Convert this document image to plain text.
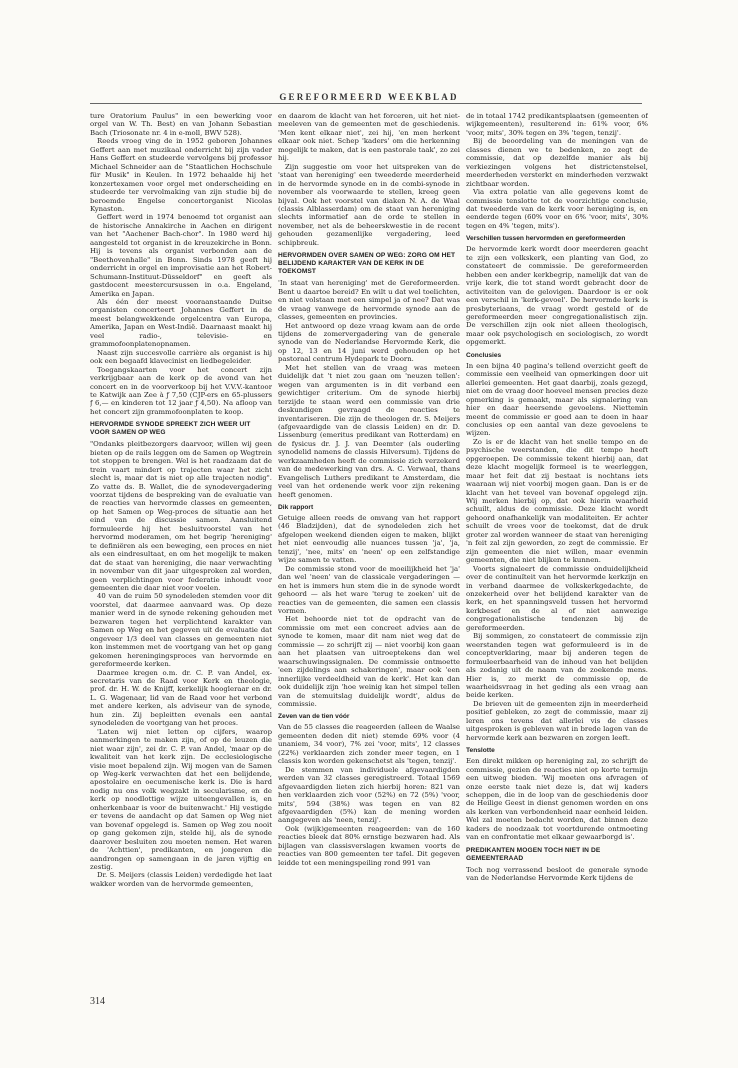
GEREFORMEERD WEEKBLAD

ture Oratorium Paulus" in een bewerking voor orgel van W. Th. Best) en van Johann Sebastian Bach (Triosonate nr. 4 in e-moll, BWV 528).

Reeds vroeg ving de in 1952 geboren Johannes Geffert aan met muzikaal onderricht bij zijn vader Hans Geffert en studeerde vervolgens bij professor Michael Schneider aan de "Staatlichen Hochschule für Musik" in Keulen. In 1972 behaalde hij het konzertexamen voor orgel met onderscheiding en studeerde ter vervolmaking van zijn studie bij de beroemde Engelse concertorganist Nicolas Kynaston.

Geffert werd in 1974 benoemd tot organist aan de historische Annakirche in Aachen en dirigent van het "Aachener Bach-chor". In 1980 werd hij aangesteld tot organist in de kreuzekirche in Bonn. Hij is tevens als organist verbonden aan de "Beethovenhalle" in Bonn. Sinds 1978 geeft hij onderricht in orgel en improvisatie aan het Robert-Schumann-Instituut-Düsseldorf" en geeft als gastdocent meestercursussen in o.a. Engeland, Amerika en Japan.

Als één der meest vooraanstaande Duitse organisten concerteert Johannes Geffert in de meest belangwekkende orgelcentra van Europa, Amerika, Japan en West-Indië. Daarnaast maakt hij veel radio-, televisie- en grammofoonplatenopnamen.

Naast zijn succesvolle carrière als organist is hij ook een begaafd klavecinist en liedbegeleider.

Toegangskaarten voor het concert zijn verkrijgbaar aan de kerk op de avond van het concert en in de voorverkoop bij het V.V.V.-kantoor te Katwijk aan Zee à ƒ 7,50 (CJP-ers en 65-plussers ƒ 6,— en kinderen tot 12 jaar ƒ 4,50). Na afloop van het concert zijn grammofoonplaten te koop.

HERVORMDE SYNODE SPREEKT ZICH WEER UIT VOOR SAMEN OP WEG

"Ondanks pleitbezorgers daarvoor, willen wij geen bieten op de rails leggen om de Samen op Wegtrein tot stoppen te brengen. Wel is het raadzaam dat de trein vaart mindert op trajecten waar het zicht slecht is, maar dat is niet op alle trajecten nodig". Zo vatte ds. B. Wallet, die de synodevergadering voorzat tijdens de bespreking van de evaluatie van de reacties van hervormde classes en gemeenten, op het Samen op Weg-proces de situatie aan het eind van de discussie samen. Aansluitend formuleerde hij het besluitvoorstel van het hervormd moderamen, om het begrip 'hereniging' te definiëren als een beweging, een proces en niet als een eindresultaat, en om het mogelijk te maken dat de staat van hereniging, die naar verwachting in november van dit jaar uitgesproken zal worden, geen verplichtingen voor federatie inhoudt voor gemeenten die daar niet voor voelen.

40 van de ruim 50 synodeleden stemden voor dit voorstel, dat daarmee aanvaard was. Op deze manier werd in de synode rekening gehouden met bezwaren tegen het verplichtend karakter van Samen op Weg en het gegeven uit de evaluatie dat ongeveer 1/3 deel van classes en gemeenten niet kon instemmen met de voortgang van het op gang gekomen hereningingsproces van hervormde en gereformeerde kerken.

Daarmee kregen o.m. dr. C. P. van Andel, ex-secretaris van de Raad voor Kerk en theologie, prof. dr. H. W. de Knijff, kerkelijk hoogleraar en dr. L. G. Wagenaar, lid van de Raad voor het verbond met andere kerken, als adviseur van de synode, hun zin. Zij bepleitten evenals een aantal synodeleden de voortgang van het proces.

'Laten wij niet letten op cijfers, waarop aanmerkingen te maken zijn, of op de leuzen die niet waar zijn', zei dr. C. P. van Andel, 'maar op de kwaliteit van het kerk zijn. De ecclesiologische visie moet bepalend zijn. Wij mogen van de Samen op Weg-kerk verwachten dat het een belijdende, apostolaire en oecumenische kerk is. Die is hard nodig nu ons volk wegzakt in secularisme, en de kerk op noodlottige wijze uiteengevallen is, en onherkenbaar is voor de buitenwacht.' Hij vestigde er tevens de aandacht op dat Samen op Weg niet van bovenaf opgelegd is. Samen op Weg zou nooit op gang gekomen zijn, stelde hij, als de synode daarover besluiten zou moeten nemen. Het waren de 'Achttien', predikanten, en jongeren die aandrongen op samengaan in de jaren vijftig en zestig.

Dr. S. Meijers (classis Leiden) verdedigde het laat wakker worden van de hervormde gemeenten,

en daarom de klacht van het forceren, uit het niet-meeleven van de gemeenten met de geschiedenis. 'Men kent elkaar niet', zei hij, 'en men herkent elkaar ook niet. Schep 'kaders' om die herkenning mogelijk te maken, dat is een pastorale taak', zo zei hij.

Zijn suggestie om voor het uitspreken van de 'staat van hereniging' een tweederde meerderheid in de hervormde synode en in de combi-synode in november als voorwaarde te stellen, kreeg geen bijval. Ook het voorstel van diaken N. A. de Waal (classis Alblasserdam) om de staat van hereniging slechts informatief aan de orde te stellen in november, net als de beheerskwestie in de recent gehouden gezamenlijke vergadering, leed schipbreuk.

HERVORMDEN OVER SAMEN OP WEG: ZORG OM HET BELIJDEND KARAKTER VAN DE KERK IN DE TOEKOMST

'In staat van hereniging' met de Gereformeerden. Bent u daartoe bereid? En wilt u dat wel toelichten, en niet volstaan met een simpel ja of nee? Dat was de vraag vanwege de hervormde synode aan de classes, gemeenten en provincies.

Het antwoord op deze vraag kwam aan de orde tijdens de zomervergadering van de generale synode van de Nederlandse Hervormde Kerk, die op 12, 13 en 14 juni werd gehouden op het pastoraal centrum Hydepark te Doorn.

Met het stellen van de vraag was meteen duidelijk dat 't niet zou gaan om 'neuzen tellen': wegen van argumenten is in dit verband een gewichtiger criterium. Om de synode hierbij terzijde te staan werd een commissie van drie deskundigen gevraagd de reacties te inventariseren. Die zijn de theologen dr. S. Meijers (afgevaardigde van de classis Leiden) en dr. D. Lissenburg (emeritus predikant van Rotterdam) en de fysicus dr. J. J. van Deemter (als ouderling synodelid namens de classis Hilversum). Tijdens de werkzaamheden heeft de commissie zich verzekerd van de medewerking van drs. A. C. Verwaal, thans Evangelisch Luthers predikant te Amsterdam, die veel van het ordenende werk voor zijn rekening heeft genomen.

Dik rapport

Getuige alleen reeds de omvang van het rapport (46 Bladzijden), dat de synodeleden zich het afgelopen weekend dienden eigen te maken, blijkt het niet eenvoudig alle nuances tussen 'ja', 'ja, tenzij', 'nee, mits' en 'neen' op een zelfstandige wijze samen te vatten.

De commissie stond voor de moeilijkheid het 'ja' dan wel 'neen' van de classicale vergaderingen — en het is immers hun stem die in de synode wordt gehoord — als het ware 'terug te zoeken' uit de reacties van de gemeenten, die samen een classis vormen.

Het behoorde niet tot de opdracht van de commissie om met een concreet advies aan de synode te komen, maar dit nam niet weg dat de commissie — zo schrijft zij — niet voorbij kon gaan aan het plaatsen van uitroeptekens dan wel waarschuwingssignalen. De commissie ontmoette 'een zijdelings aan schakeringen', maar ook 'een innerlijke verdeeldheid van de kerk'. Het kan dan ook duidelijk zijn 'hoe weinig kan het simpel tellen van de stemuitslag duidelijk wordt', aldus de commissie.

Zeven van de tien vóór

Van de 55 classes die reageerden (alleen de Waalse gemeenten deden dit niet) stemde 69% voor (4 unaniem, 34 voor), 7% zei 'voor, mits', 12 classes (22%) verklaarden zich zonder meer tegen, en 1 classis kon worden gekenschetst als 'tegen, tenzij'.

De stemmen van individuele afgevaardigden werden van 32 classes geregistreerd. Totaal 1569 afgevaardigden lieten zich hierbij horen: 821 van hen verklaarden zich voor (52%) en 72 (5%) 'voor, mits', 594 (38%) was tegen en van 82 afgevaardigden (5%) kan de mening worden aangegeven als 'neen, tenzij'.

Ook (wijk)gemeenten reageerden: van de 160 reacties bleek dat 80% ernstige bezwaren had. Als bijlagen van classisverslagen kwamen voorts de reacties van 800 gemeenten ter tafel. Dit gegeven leidde tot een meningspeiling rond 991 van

de in totaal 1742 predikantsplaatsen (gemeenten of wijkgemeenten), resulterend in: 61% voor, 6% 'voor, mits', 30% tegen en 3% 'tegen, tenzij'.

Bij de beoordeling van de meningen van de classes dienen we te bedenken, zo zegt de commissie, dat op dezelfde manier als bij verkiezingen volgens het districtenstelsel, meerderheden versterkt en minderheden verzwakt zichtbaar worden.

Via extra polatie van alle gegevens komt de commissie tenslotte tot de voorzichtige conclusie, dat tweederde van de kerk voor hereniging is, en eenderde tegen (60% voor en 6% 'voor, mits', 30% tegen en 4% 'tegen, mits').

Verschillen tussen hervormden en gereformeerden

De hervormde kerk wordt door meerderen geacht te zijn een volkskerk, een planting van God, zo constateert de commissie. De gereformeerden hebben een ander kerkbegrip, namelijk dat van de vrije kerk, die tot stand wordt gebracht door de activiteiten van de gelovigen. Daardoor is er ook een verschil in 'kerk-gevoel'. De hervormde kerk is presbyteriaans, de vraag wordt gesteld of de gereformeerden meer congregationalistisch zijn. De verschillen zijn ook niet alleen theologisch, maar ook psychologisch en sociologisch, zo wordt opgemerkt.

Conclusies

In een bijna 40 pagina's tellend overzicht geeft de commissie een veelheid van opmerkingen door uit allerlei gemeenten. Het gaat daarbij, zoals gezegd, niet om de vraag door hoeveel mensen precies deze opmerking is gemaakt, maar als signalering van hier en daar heersende gevoelens. Niettemin meent de commissie er goed aan te doen in haar conclusies op een aantal van deze gevoelens te wijzen.

Zo is er de klacht van het snelle tempo en de psychische weerstanden, die dit tempo heeft opgeroepen. De commissie tekent hierbij aan, dat deze klacht mogelijk formeel is te weerleggen, maar het feit dat zij bestaat is nochtans iets waaraan wij niet voorbij mogen gaan. Dan is er de klacht van het teveel van bovenaf opgelegd zijn. Wij merken hierbij op, dat ook hierin waarheid schuilt, aldus de commissie. Deze klacht wordt gehoord onafhankelijk van modaliteiten. Er achter schuilt de vrees voor de toekomst, dat de druk groter zal worden wanneer de staat van hereniging 'n feit zal zijn geworden, zo zegt de commissie. Er zijn gemeenten die niet willen, maar evenmin gemeenten, die niet blijken te kunnen.

Voorts signaleert de commissie onduidelijkheid over de continuïteit van het hervormde kerkzijn en in verband daarmee de volkskerkgedachte, de onzekerheid over het belijdend karakter van de kerk, en het spanningsveld tussen het hervormd kerkbesef en de al of niet aanwezige congregationalistische tendenzen bij de gereformeerden.

Bij sommigen, zo constateert de commissie zijn weerstanden tegen wat geformuleerd is in de conceptverklaring, maar bij anderen tegen de formuleerbaarheid van de inhoud van het belijden als zodanig uit de naam van de zoekende mens. Hier is, zo merkt de commissie op, de waarheidsvraag in het geding als een vraag aan beide kerken.

De brieven uit de gemeenten zijn in meerderheid positief gebleken, zo zegt de commissie, maar zij leren ons tevens dat allerlei vis de classes uitgesproken is gebleven wat in brede lagen van de hervormde kerk aan bezwaren en zorgen leeft.

Tenslotte

Een direkt mikken op hereniging zal, zo schrijft de commissie, gezien de reacties niet op korte termijn een uitweg bieden. 'Wij moeten ons afvragen of onze eerste taak niet deze is, dat wij kaders scheppen, die in de loop van de geschiedenis door de Heilige Geest in dienst genomen worden en ons als kerken van verbondenheid naar eenheid leiden. Wel zal moeten bedacht worden, dat binnen deze kaders de noodzaak tot voortdurende ontmoeting van en confrontatie met elkaar gewaarborgd is'.

PREDIKANTEN MOGEN TOCH NIET IN DE GEMEENTERAAD

Toch nog verrassend besloot de generale synode van de Nederlandse Hervormde Kerk tijdens de

314
